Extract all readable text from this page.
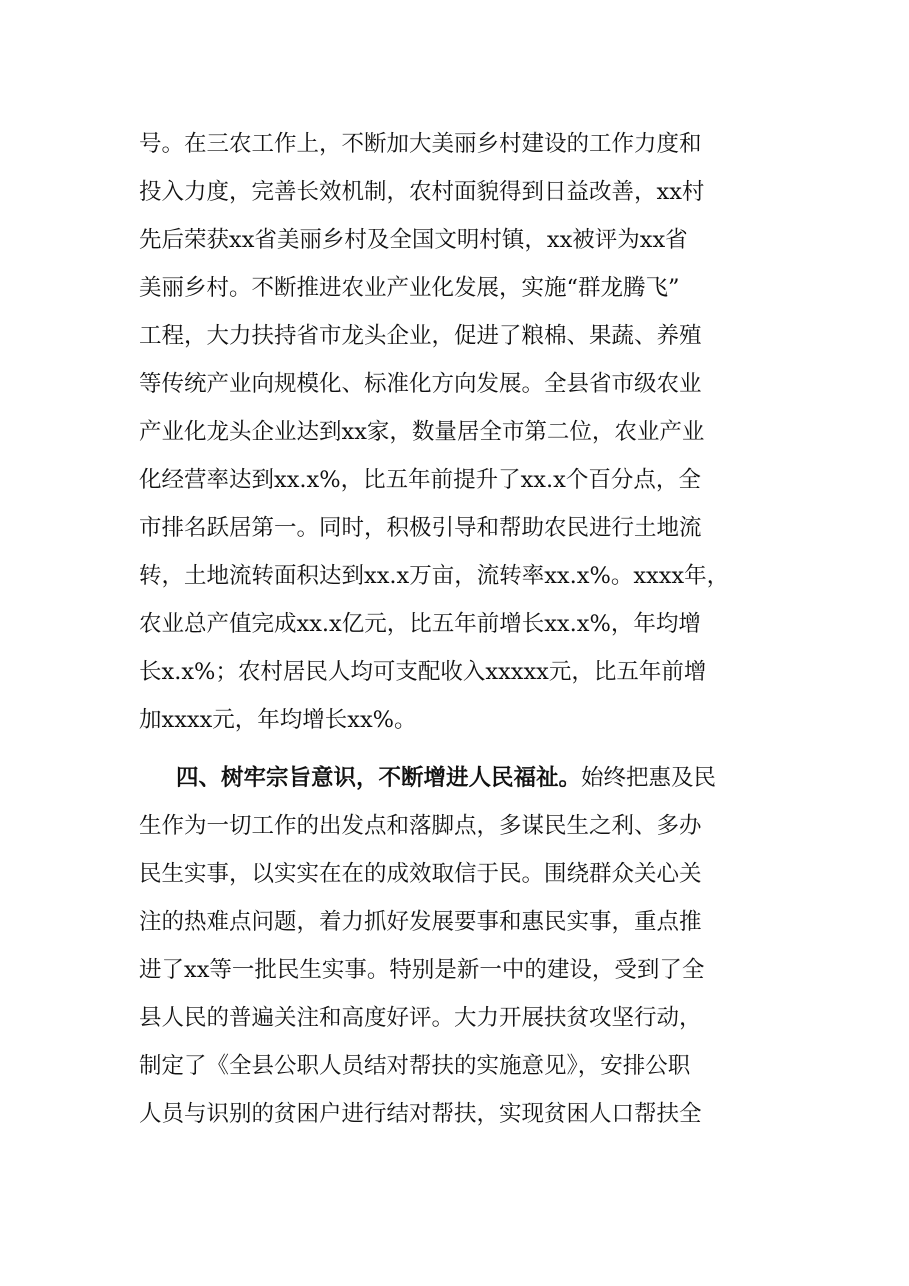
号。在三农工作上，不断加大美丽乡村建设的工作力度和
投入力度，完善长效机制，农村面貌得到日益改善，xx村
先后荣获xx省美丽乡村及全国文明村镇，xx被评为xx省
美丽乡村。不断推进农业产业化发展，实施“群龙腾飞”
工程，大力扶持省市龙头企业，促进了粮棉、果蔬、养殖
等传统产业向规模化、标准化方向发展。全县省市级农业
产业化龙头企业达到xx家，数量居全市第二位，农业产业
化经营率达到xx.x%，比五年前提升了xx.x个百分点，全
市排名跃居第一。同时，积极引导和帮助农民进行土地流
转，土地流转面积达到xx.x万亩，流转率xx.x%。xxxx年，
农业总产值完成xx.x亿元，比五年前增长xx.x%，年均增
长x.x%；农村居民人均可支配收入xxxxx元，比五年前增
加xxxx元，年均增长xx%。
四、树牢宗旨意识，不断增进人民福祉。始终把惠及民
生作为一切工作的出发点和落脚点，多谋民生之利、多办
民生实事，以实实在在的成效取信于民。围绕群众关心关
注的热难点问题，着力抓好发展要事和惠民实事，重点推
进了xx等一批民生实事。特别是新一中的建设，受到了全
县人民的普遍关注和高度好评。大力开展扶贫攻坚行动，
制定了《全县公职人员结对帮扶的实施意见》，安排公职
人员与识别的贫困户进行结对帮扶，实现贫困人口帮扶全
